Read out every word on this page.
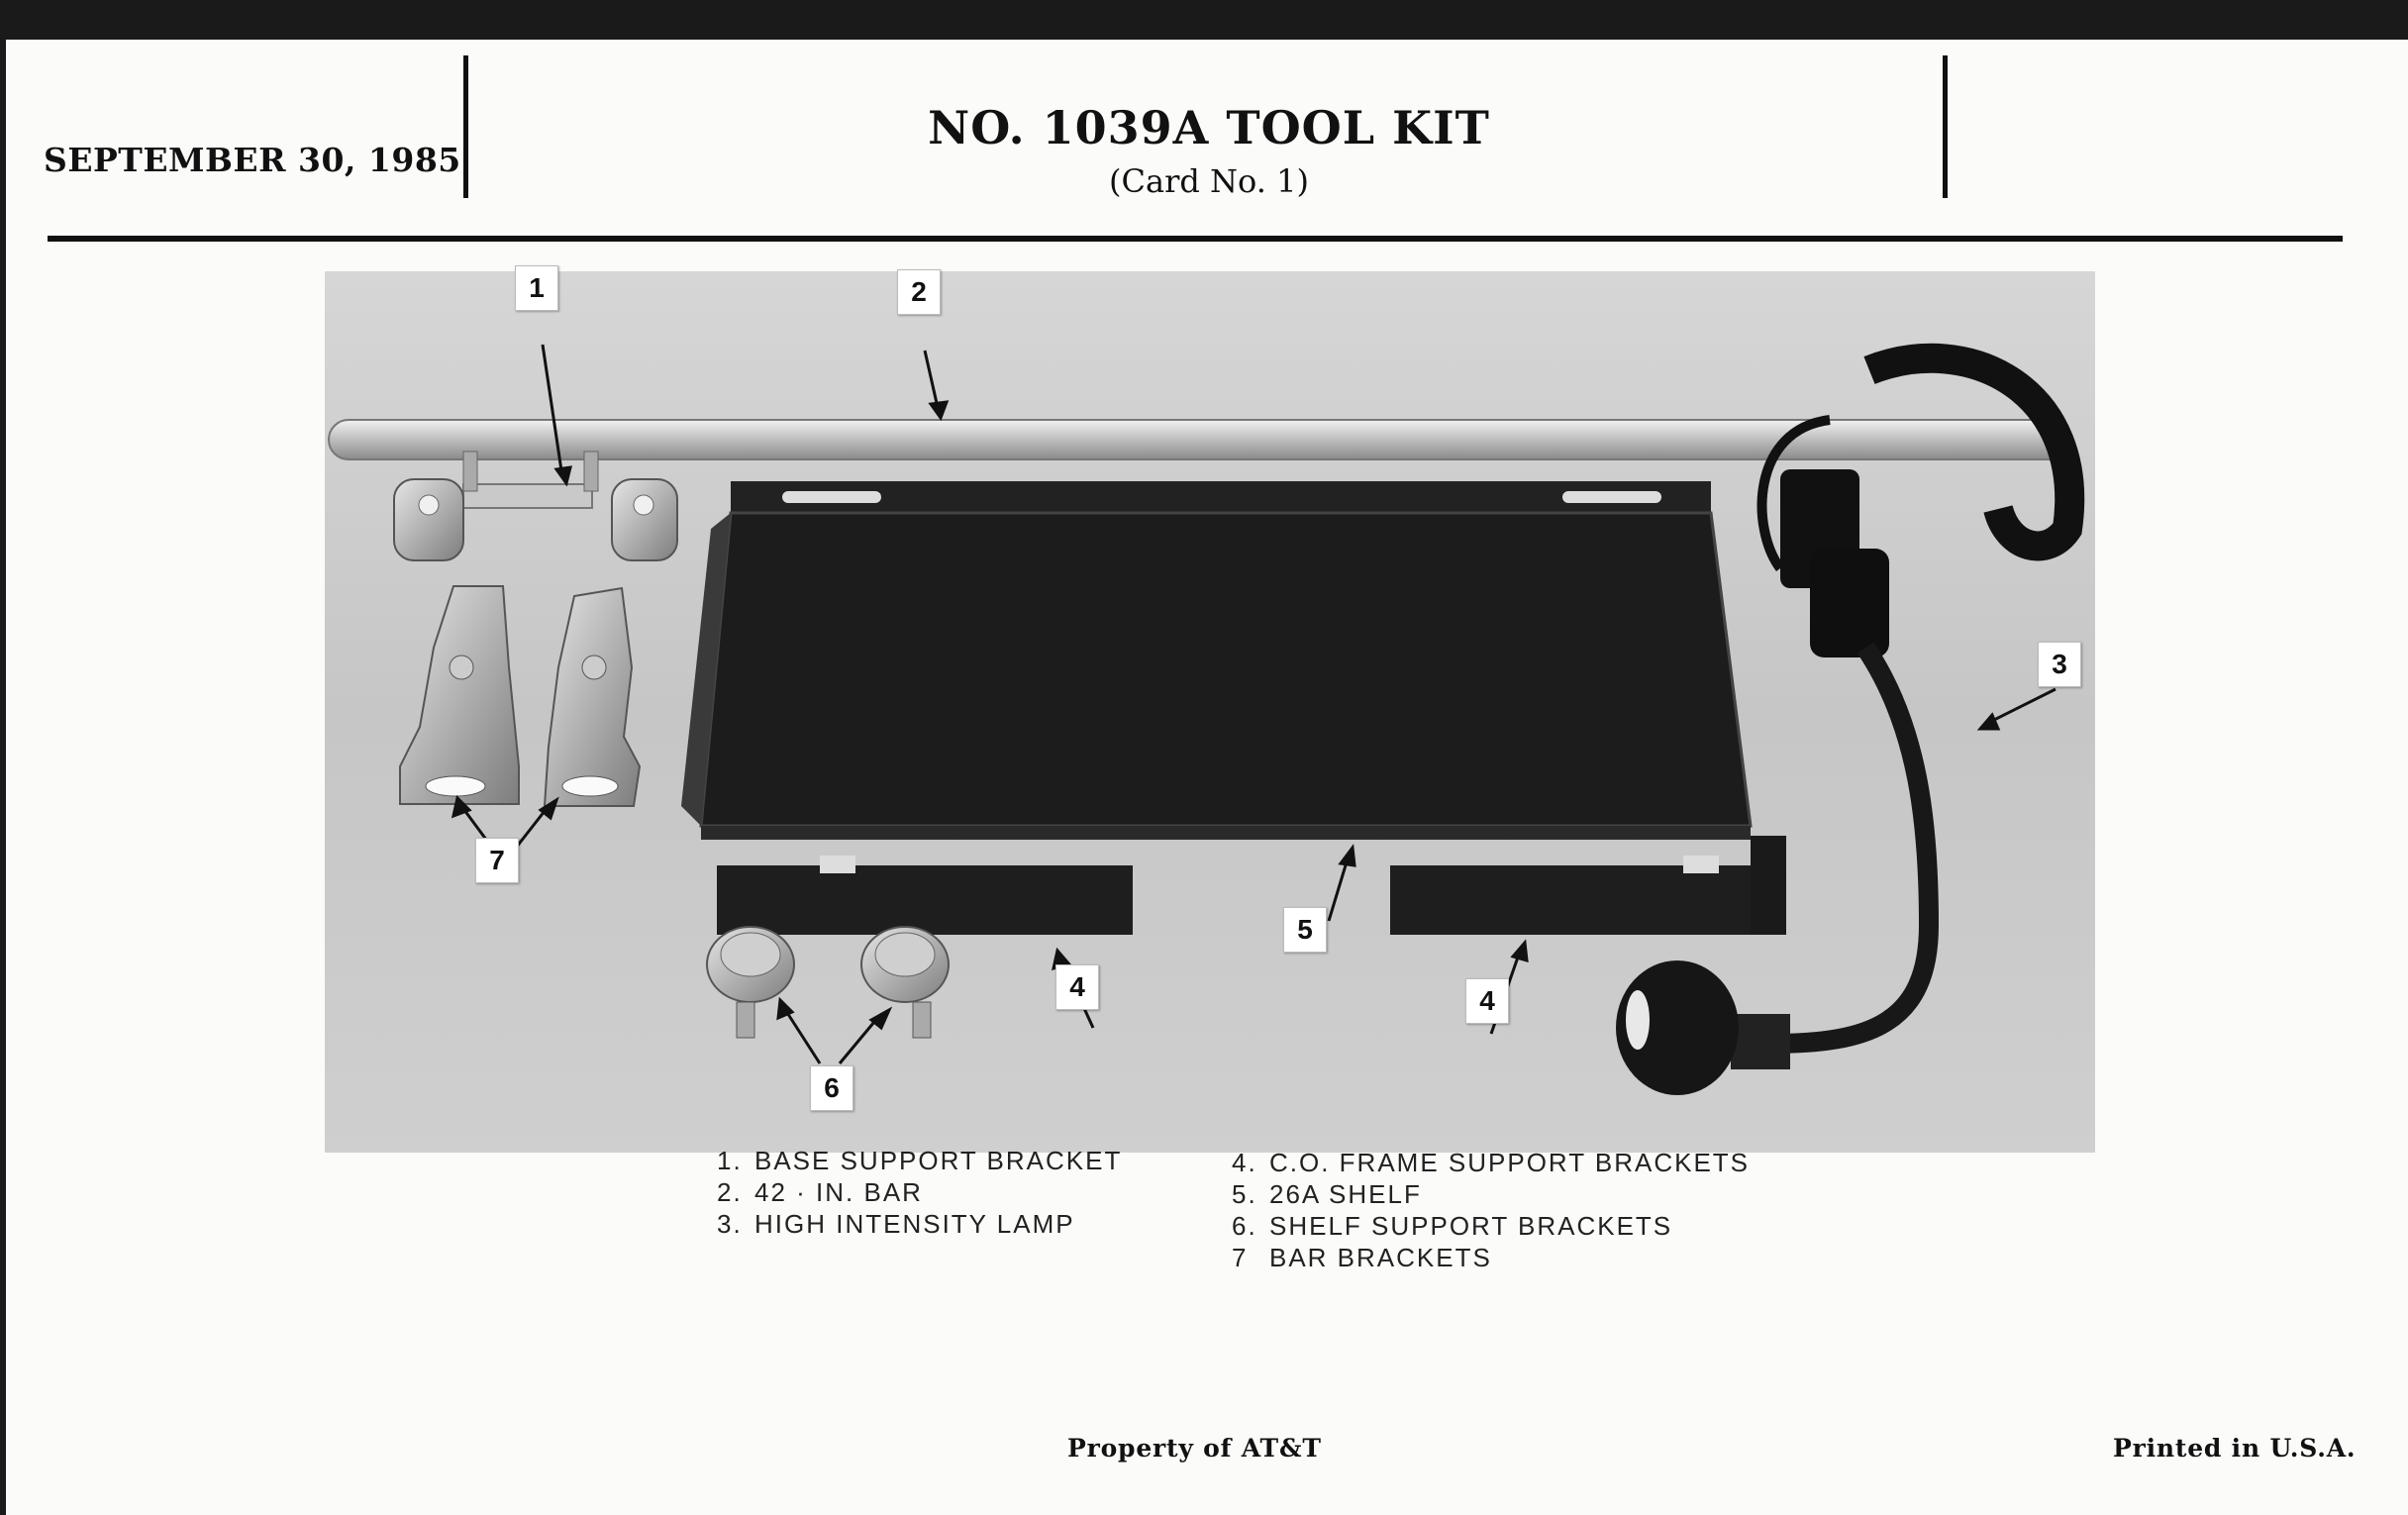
SEPTEMBER 30, 1985
NO. 1039A TOOL KIT
(Card No. 1)
1	2
3
4	4
5
6
7
1. BASE SUPPORT BRACKET
2. 42 · IN. BAR
3. HIGH INTENSITY LAMP
4. C.O. FRAME SUPPORT BRACKETS
5. 26A SHELF
6. SHELF SUPPORT BRACKETS
7 BAR BRACKETS
Property of AT&T	Printed in U.S.A.
